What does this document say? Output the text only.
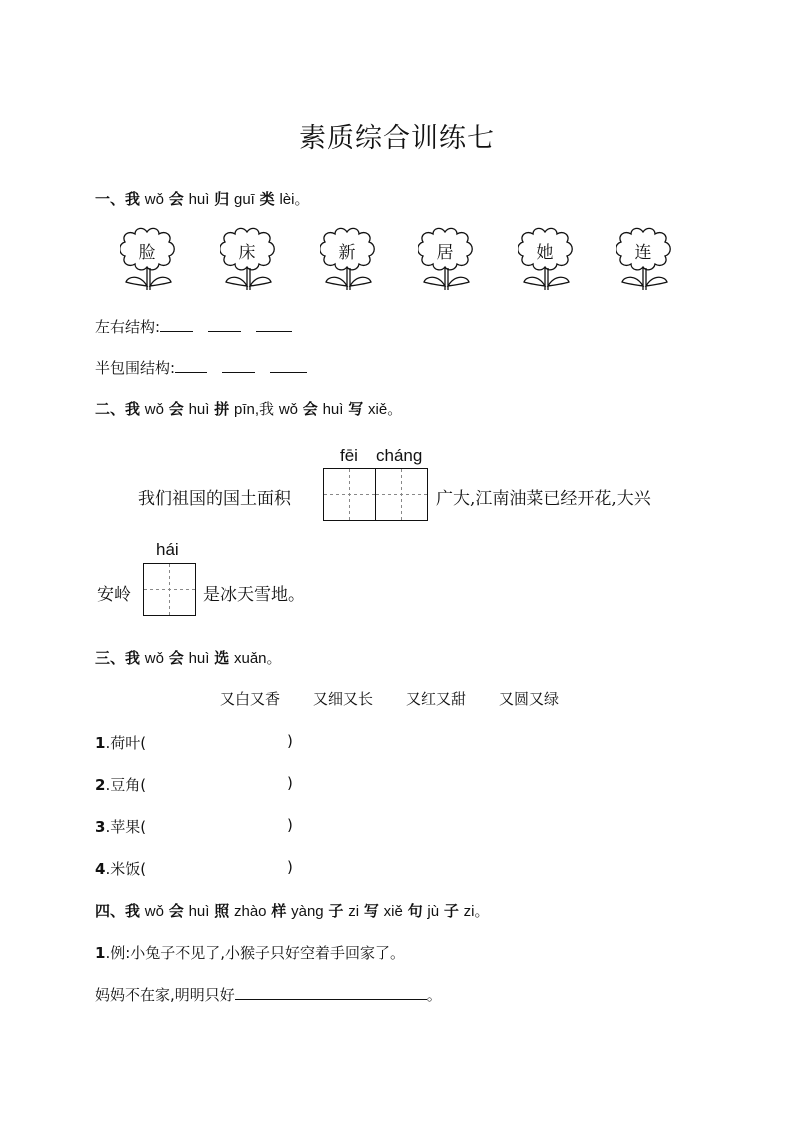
素质综合训练七
一、我 wǒ 会 huì 归 guī 类 lèi。
脸	床	新	居	她	连
左右结构:
半包围结构:
二、我 wǒ 会 huì 拼 pīn,我 wǒ 会 huì 写 xiě。
fēi cháng
我们祖国的国土面积	广大,江南油菜已经开花,大兴
hái
安岭	是冰天雪地。
三、我 wǒ 会 huì 选 xuǎn。
又白又香 又细又长 又红又甜 又圆又绿
1.荷叶(	)
2.豆角(	)
3.苹果(	)
4.米饭(	)
四、我 wǒ 会 huì 照 zhào 样 yàng 子 zi 写 xiě 句 jù 子 zi。
1.例:小兔子不见了,小猴子只好空着手回家了。
妈妈不在家,明明只好	。
